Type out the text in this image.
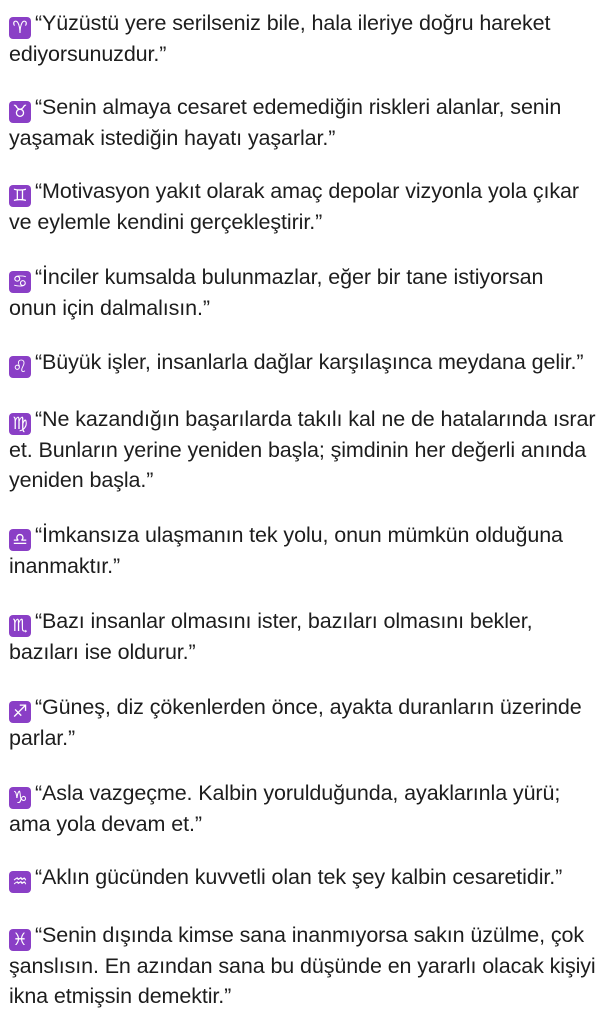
♈ “Yüzüstü yere serilseniz bile, hala ileriye doğru hareket
ediyorsunuzdur.”
♉ “Senin almaya cesaret edemediğin riskleri alanlar, senin
yaşamak istediğin hayatı yaşarlar.”
♊ “Motivasyon yakıt olarak amaç depolar vizyonla yola çıkar
ve eylemle kendini gerçekleştirir.”
♋ “İnciler kumsalda bulunmazlar, eğer bir tane istiyorsan
onun için dalmalısın.”
♌ “Büyük işler, insanlarla dağlar karşılaşınca meydana gelir.”
♍ “Ne kazandığın başarılarda takılı kal ne de hatalarında ısrar
et. Bunların yerine yeniden başla; şimdinin her değerli anında
yeniden başla.”
♎ “İmkansıza ulaşmanın tek yolu, onun mümkün olduğuna
inanmaktır.”
♏ “Bazı insanlar olmasını ister, bazıları olmasını bekler,
bazıları ise oldurur.”
♐ “Güneş, diz çökenlerden önce, ayakta duranların üzerinde
parlar.”
♑ “Asla vazgeçme. Kalbin yorulduğunda, ayaklarınla yürü;
ama yola devam et.”
♒ “Aklın gücünden kuvvetli olan tek şey kalbin cesaretidir.”
♓ “Senin dışında kimse sana inanmıyorsa sakın üzülme, çok
şanslısın. En azından sana bu düşünde en yararlı olacak kişiyi
ikna etmişsin demektir.”
